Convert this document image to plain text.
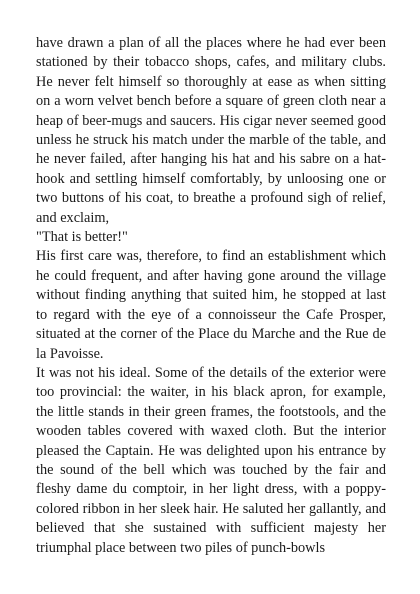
have drawn a plan of all the places where he had ever been stationed by their tobacco shops, cafes, and military clubs. He never felt himself so thoroughly at ease as when sitting on a worn velvet bench before a square of green cloth near a heap of beer-mugs and saucers. His cigar never seemed good unless he struck his match under the marble of the table, and he never failed, after hanging his hat and his sabre on a hat-hook and settling himself comfortably, by unloosing one or two buttons of his coat, to breathe a profound sigh of relief, and exclaim,

"That is better!"

His first care was, therefore, to find an establishment which he could frequent, and after having gone around the village without finding anything that suited him, he stopped at last to regard with the eye of a connoisseur the Cafe Prosper, situated at the corner of the Place du Marche and the Rue de la Pavoisse.

It was not his ideal. Some of the details of the exterior were too provincial: the waiter, in his black apron, for example, the little stands in their green frames, the footstools, and the wooden tables covered with waxed cloth. But the interior pleased the Captain. He was delighted upon his entrance by the sound of the bell which was touched by the fair and fleshy dame du comptoir, in her light dress, with a poppy-colored ribbon in her sleek hair. He saluted her gallantly, and believed that she sustained with sufficient majesty her triumphal place between two piles of punch-bowls
